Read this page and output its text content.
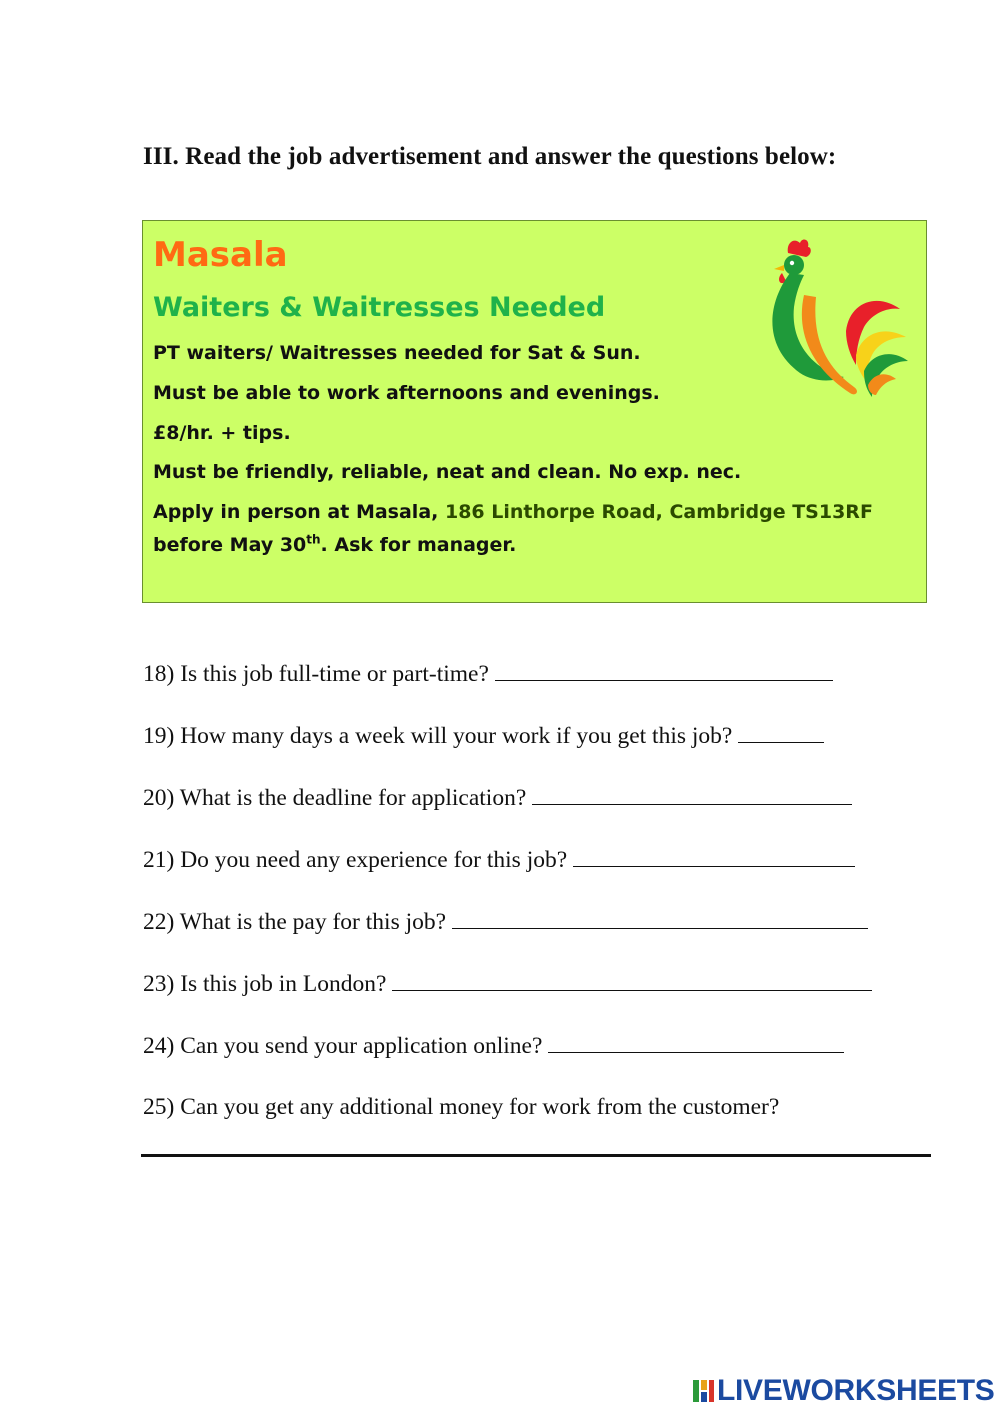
III. Read the job advertisement and answer the questions below:
Masala
Waiters & Waitresses Needed
PT waiters/ Waitresses needed for Sat & Sun.
Must be able to work afternoons and evenings.
£8/hr. + tips.
Must be friendly, reliable, neat and clean. No exp. nec.
Apply in person at Masala, 186 Linthorpe Road, Cambridge TS13RF
before May 30th. Ask for manager.
18) Is this job full-time or part-time?
19) How many days a week will your work if you get this job?
20) What is the deadline for application?
21) Do you need any experience for this job?
22) What is the pay for this job?
23) Is this job in London?
24) Can you send your application online?
25) Can you get any additional money for work from the customer?
LIVEWORKSHEETS
